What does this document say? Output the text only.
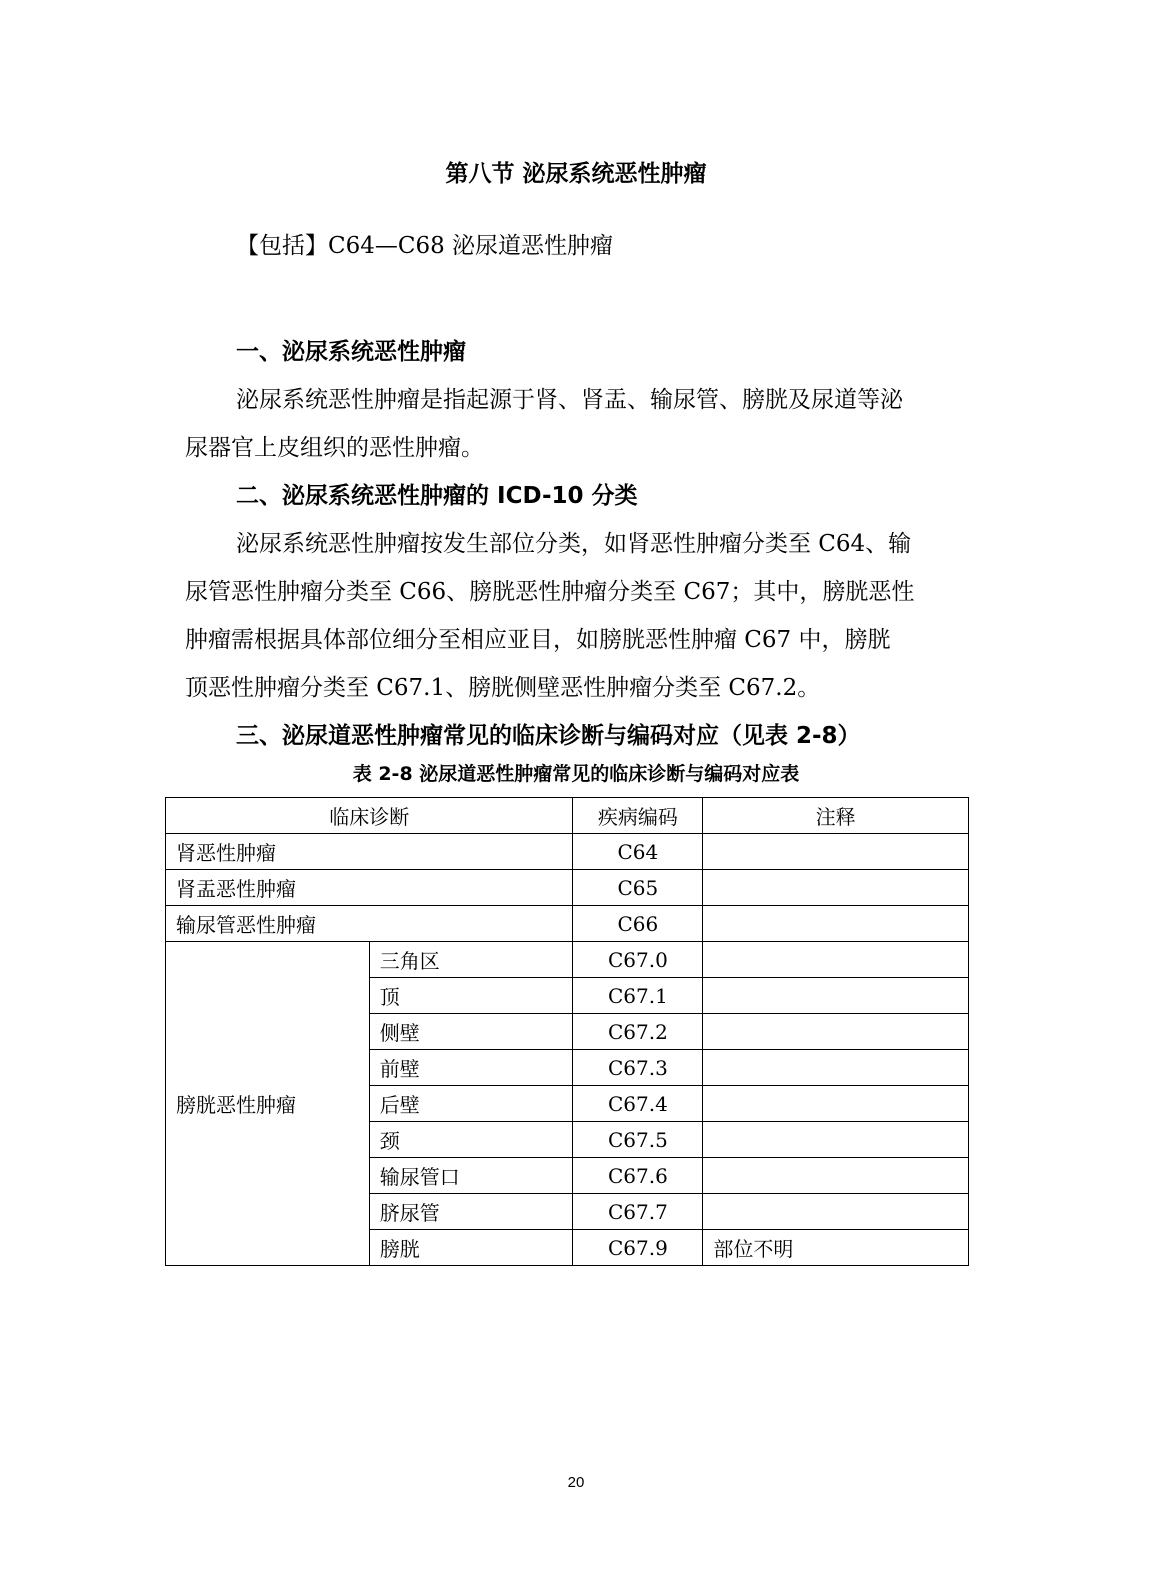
第八节 泌尿系统恶性肿瘤
【包括】C64—C68 泌尿道恶性肿瘤
一、泌尿系统恶性肿瘤
泌尿系统恶性肿瘤是指起源于肾、肾盂、输尿管、膀胱及尿道等泌
尿器官上皮组织的恶性肿瘤。
二、泌尿系统恶性肿瘤的 ICD-10 分类
泌尿系统恶性肿瘤按发生部位分类，如肾恶性肿瘤分类至 C64、输
尿管恶性肿瘤分类至 C66、膀胱恶性肿瘤分类至 C67；其中，膀胱恶性
肿瘤需根据具体部位细分至相应亚目，如膀胱恶性肿瘤 C67 中，膀胱
顶恶性肿瘤分类至 C67.1、膀胱侧壁恶性肿瘤分类至 C67.2。
三、泌尿道恶性肿瘤常见的临床诊断与编码对应（见表 2-8）
表 2-8 泌尿道恶性肿瘤常见的临床诊断与编码对应表
临床诊断		疾病编码	注释
肾恶性肿瘤		C64	
肾盂恶性肿瘤		C65	
输尿管恶性肿瘤		C66	
膀胱恶性肿瘤	三角区	C67.0	
	顶	C67.1	
	侧壁	C67.2	
	前壁	C67.3	
	后壁	C67.4	
	颈	C67.5	
	输尿管口	C67.6	
	脐尿管	C67.7	
	膀胱	C67.9	部位不明
20
